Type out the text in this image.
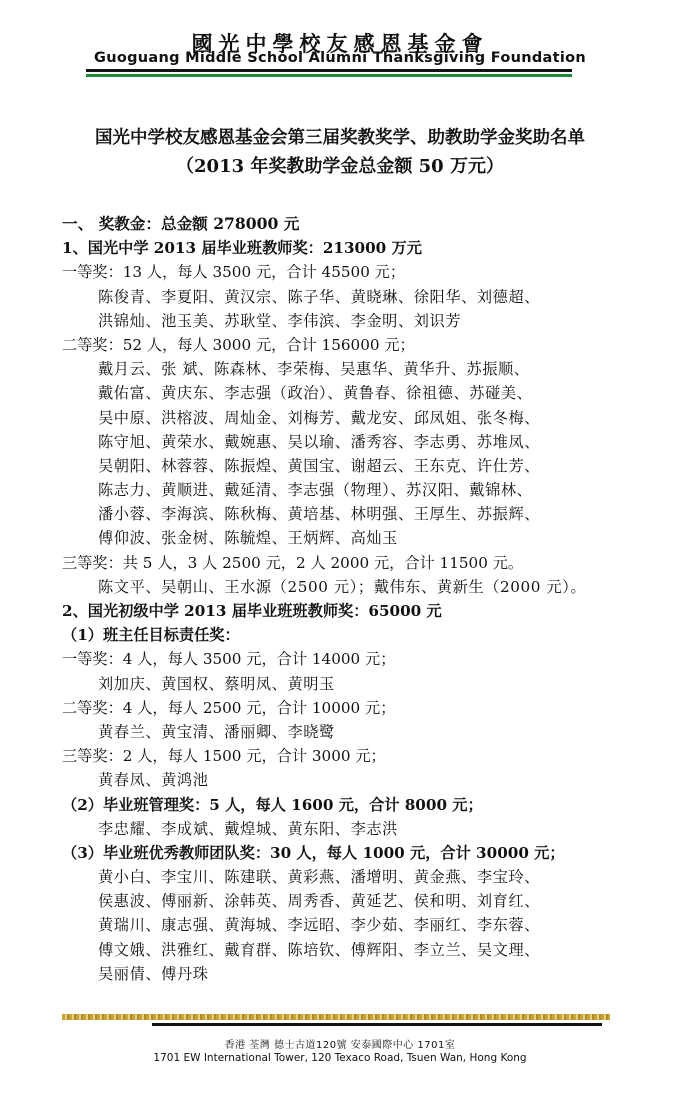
國光中學校友感恩基金會
Guoguang Middle School Alumni Thanksgiving Foundation
国光中学校友感恩基金会第三届奖教奖学、助教助学金奖助名单
（2013 年奖教助学金总金额 50 万元）
一、 奖教金：总金额 278000 元
1、国光中学 2013 届毕业班教师奖：213000 万元
一等奖：13 人，每人 3500 元，合计 45500 元；
陈俊青、李夏阳、黄汉宗、陈子华、黄晓琳、徐阳华、刘德超、
洪锦灿、池玉美、苏耿堂、李伟滨、李金明、刘识芳
二等奖：52 人，每人 3000 元，合计 156000 元；
戴月云、张 斌、陈森林、李荣梅、吴惠华、黄华升、苏振顺、
戴佑富、黄庆东、李志强（政治）、黄鲁春、徐祖德、苏碰美、
吴中原、洪榕波、周灿金、刘梅芳、戴龙安、邱凤姐、张冬梅、
陈守旭、黄荣水、戴婉惠、吴以瑜、潘秀容、李志勇、苏堆凤、
吴朝阳、林蓉蓉、陈振煌、黄国宝、谢超云、王东克、许仕芳、
陈志力、黄顺进、戴延清、李志强（物理）、苏汉阳、戴锦林、
潘小蓉、李海滨、陈秋梅、黄培基、林明强、王厚生、苏振辉、
傅仰波、张金树、陈毓煌、王炳辉、高灿玉
三等奖：共 5 人，3 人 2500 元，2 人 2000 元，合计 11500 元。
陈文平、吴朝山、王水源（2500 元）；戴伟东、黄新生（2000 元）。
2、国光初级中学 2013 届毕业班班教师奖：65000 元
（1）班主任目标责任奖：
一等奖：4 人，每人 3500 元，合计 14000 元；
刘加庆、黄国权、蔡明凤、黄明玉
二等奖：4 人，每人 2500 元，合计 10000 元；
黄春兰、黄宝清、潘丽卿、李晓鹭
三等奖：2 人，每人 1500 元，合计 3000 元；
黄春凤、黄鸿池
（2）毕业班管理奖：5 人，每人 1600 元，合计 8000 元；
李忠耀、李成斌、戴煌城、黄东阳、李志洪
（3）毕业班优秀教师团队奖：30 人，每人 1000 元，合计 30000 元；
黄小白、李宝川、陈建联、黄彩燕、潘增明、黄金燕、李宝玲、
侯惠波、傅丽新、涂韩英、周秀香、黄延艺、侯和明、刘育红、
黄瑞川、康志强、黄海城、李远昭、李少茹、李丽红、李东蓉、
傅文娥、洪雅红、戴育群、陈培钦、傅辉阳、李立兰、吴文理、
吴丽倩、傅丹珠
香港 荃灣 德士古道120號 安泰國際中心 1701室
1701 EW International Tower, 120 Texaco Road, Tsuen Wan, Hong Kong
